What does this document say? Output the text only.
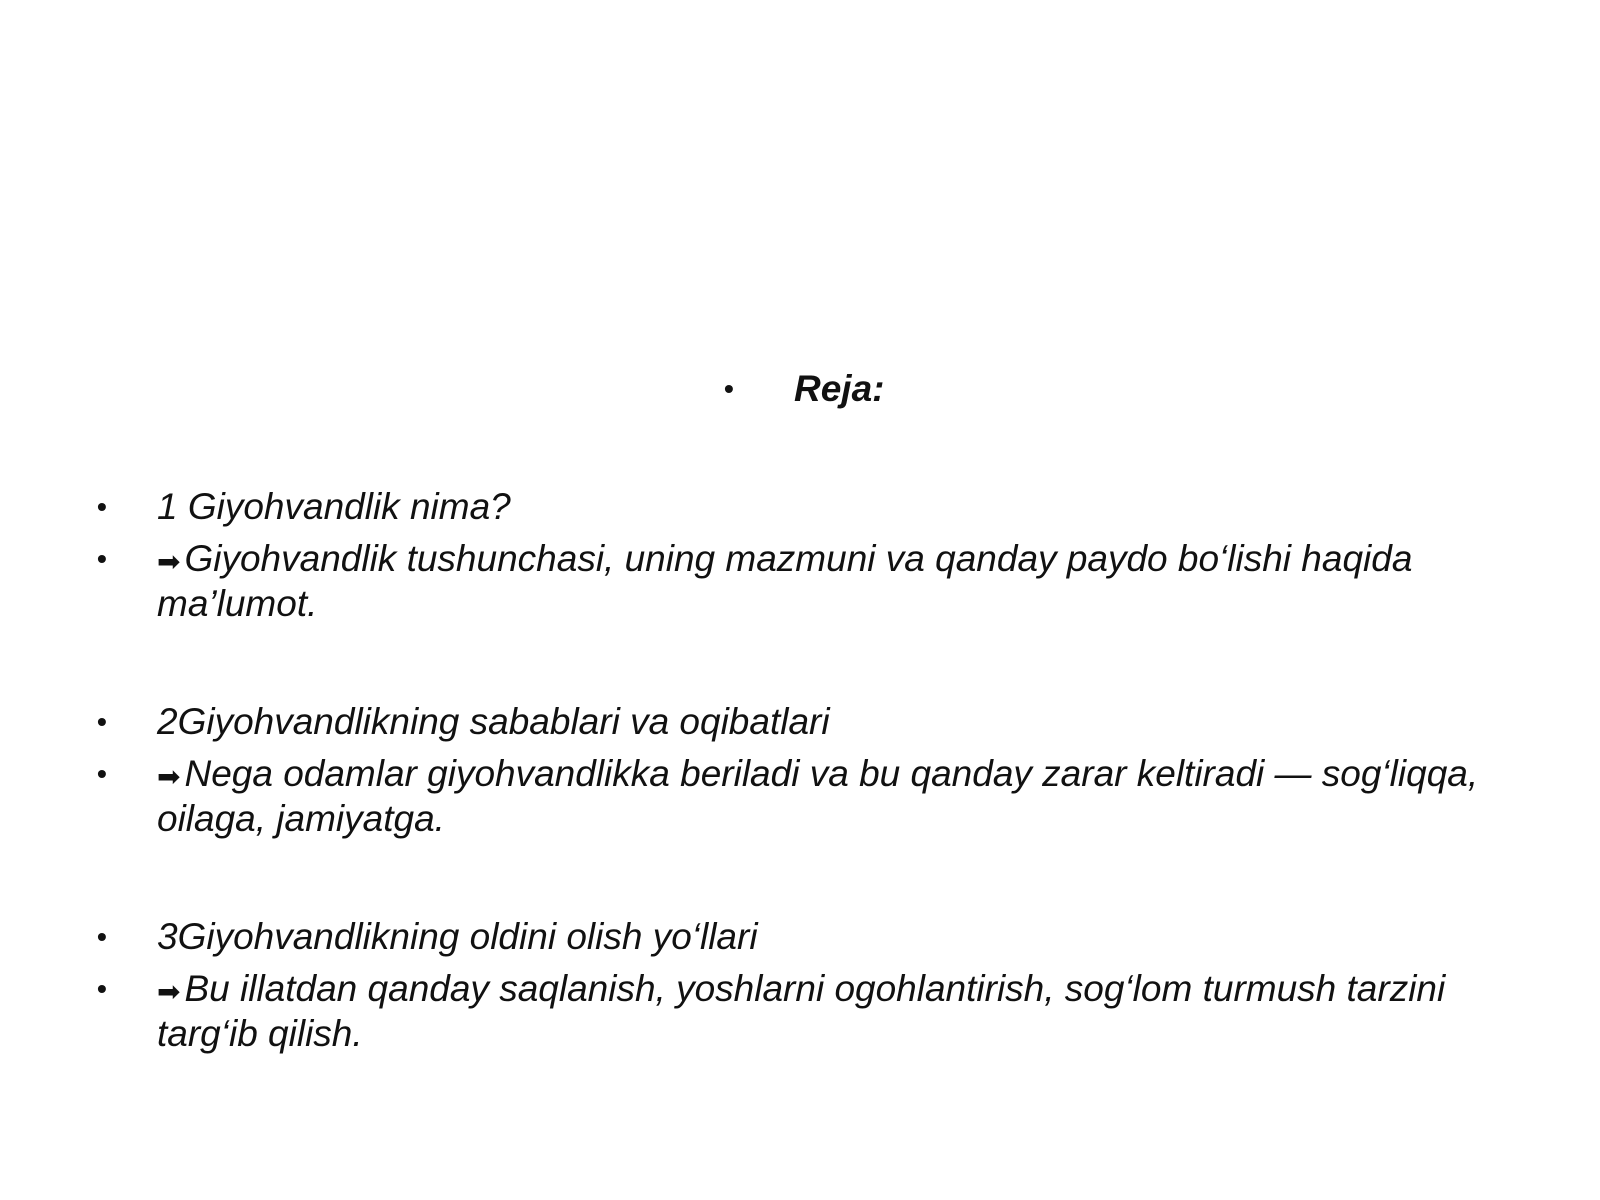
• Reja:

• 1 Giyohvandlik nima?

• ➡ Giyohvandlik tushunchasi, uning mazmuni va qanday paydo bo‘lishi haqida ma’lumot.

• 2Giyohvandlikning sabablari va oqibatlari

• ➡ Nega odamlar giyohvandlikka beriladi va bu qanday zarar keltiradi — sog‘liqqa, oilaga, jamiyatga.

• 3Giyohvandlikning oldini olish yo‘llari

• ➡ Bu illatdan qanday saqlanish, yoshlarni ogohlantirish, sog‘lom turmush tarzini targ‘ib qilish.
